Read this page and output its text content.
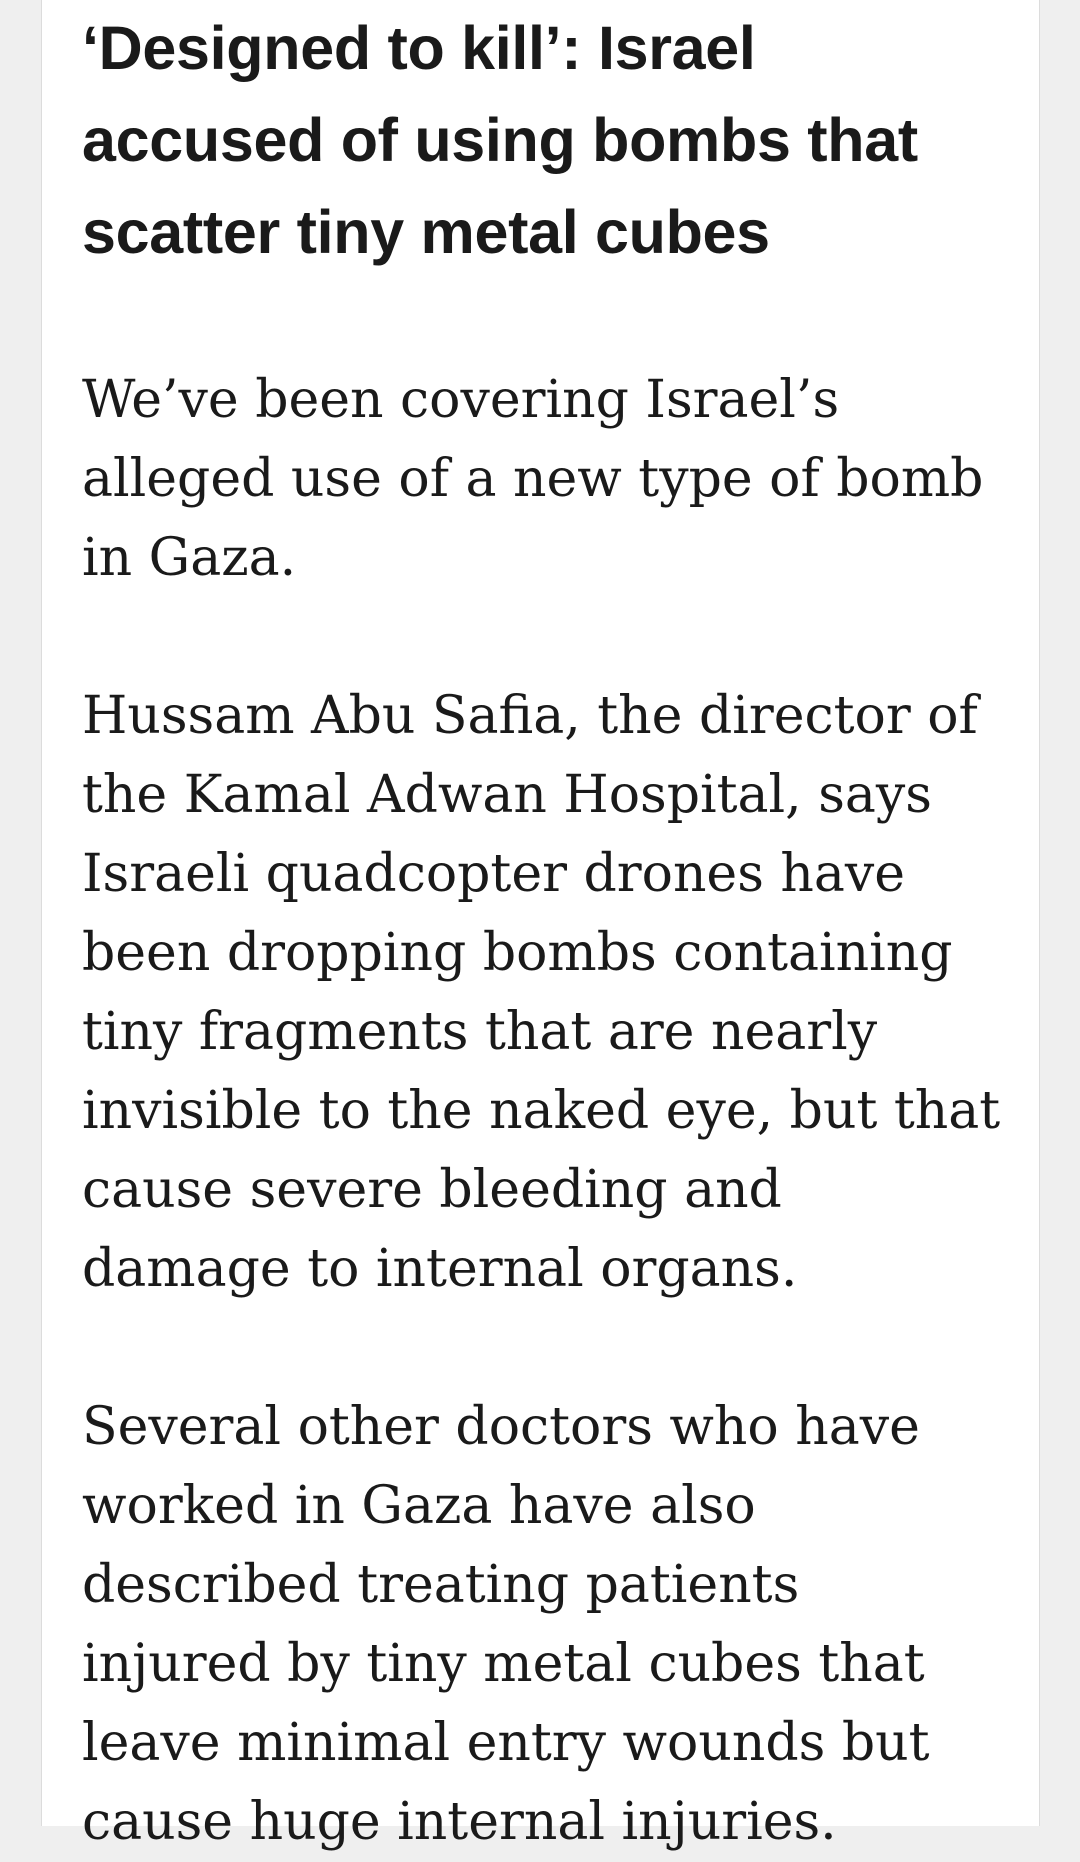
‘Designed to kill’: Israel accused of using bombs that scatter tiny metal cubes

We’ve been covering Israel’s alleged use of a new type of bomb in Gaza.

Hussam Abu Safia, the director of the Kamal Adwan Hospital, says Israeli quadcopter drones have been dropping bombs containing tiny fragments that are nearly invisible to the naked eye, but that cause severe bleeding and damage to internal organs.

Several other doctors who have worked in Gaza have also described treating patients injured by tiny metal cubes that leave minimal entry wounds but cause huge internal injuries.
